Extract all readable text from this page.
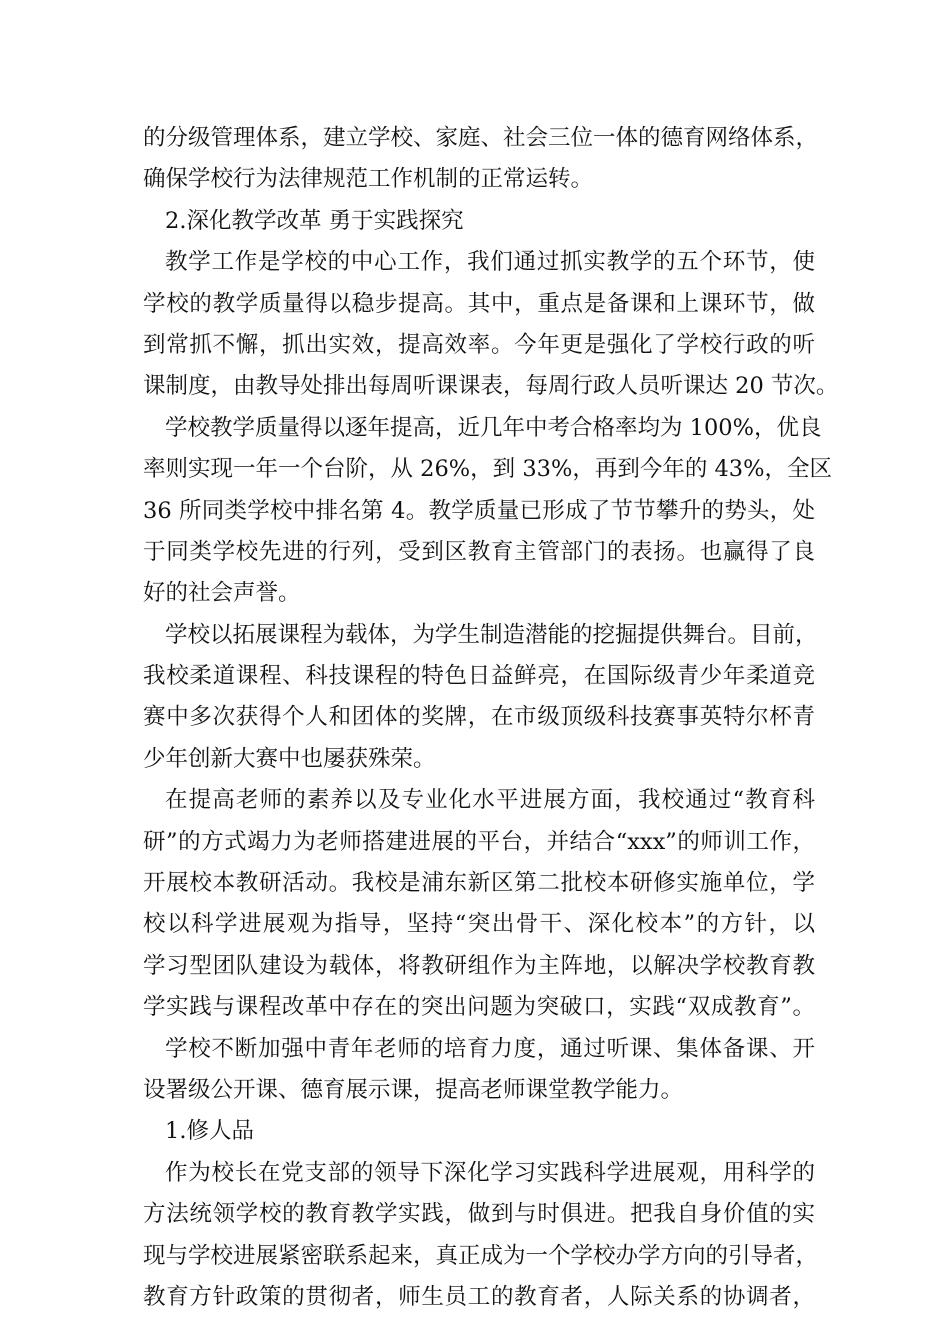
的分级管理体系，建立学校、家庭、社会三位一体的德育网络体系，
确保学校行为法律规范工作机制的正常运转。
2.深化教学改革 勇于实践探究
教学工作是学校的中心工作，我们通过抓实教学的五个环节，使
学校的教学质量得以稳步提高。其中，重点是备课和上课环节，做
到常抓不懈，抓出实效，提高效率。今年更是强化了学校行政的听
课制度，由教导处排出每周听课课表，每周行政人员听课达 20 节次。
学校教学质量得以逐年提高，近几年中考合格率均为 100%，优良
率则实现一年一个台阶，从 26%，到 33%，再到今年的 43%，全区
36 所同类学校中排名第 4。教学质量已形成了节节攀升的势头，处
于同类学校先进的行列，受到区教育主管部门的表扬。也赢得了良
好的社会声誉。
学校以拓展课程为载体，为学生制造潜能的挖掘提供舞台。目前，
我校柔道课程、科技课程的特色日益鲜亮，在国际级青少年柔道竞
赛中多次获得个人和团体的奖牌，在市级顶级科技赛事英特尔杯青
少年创新大赛中也屡获殊荣。
在提高老师的素养以及专业化水平进展方面，我校通过“教育科
研”的方式竭力为老师搭建进展的平台，并结合“xxx”的师训工作，
开展校本教研活动。我校是浦东新区第二批校本研修实施单位，学
校以科学进展观为指导，坚持“突出骨干、深化校本”的方针，以
学习型团队建设为载体，将教研组作为主阵地，以解决学校教育教
学实践与课程改革中存在的突出问题为突破口，实践“双成教育”。
学校不断加强中青年老师的培育力度，通过听课、集体备课、开
设署级公开课、德育展示课，提高老师课堂教学能力。
1.修人品
作为校长在党支部的领导下深化学习实践科学进展观，用科学的
方法统领学校的教育教学实践，做到与时俱进。把我自身价值的实
现与学校进展紧密联系起来，真正成为一个学校办学方向的引导者，
教育方针政策的贯彻者，师生员工的教育者，人际关系的协调者，
